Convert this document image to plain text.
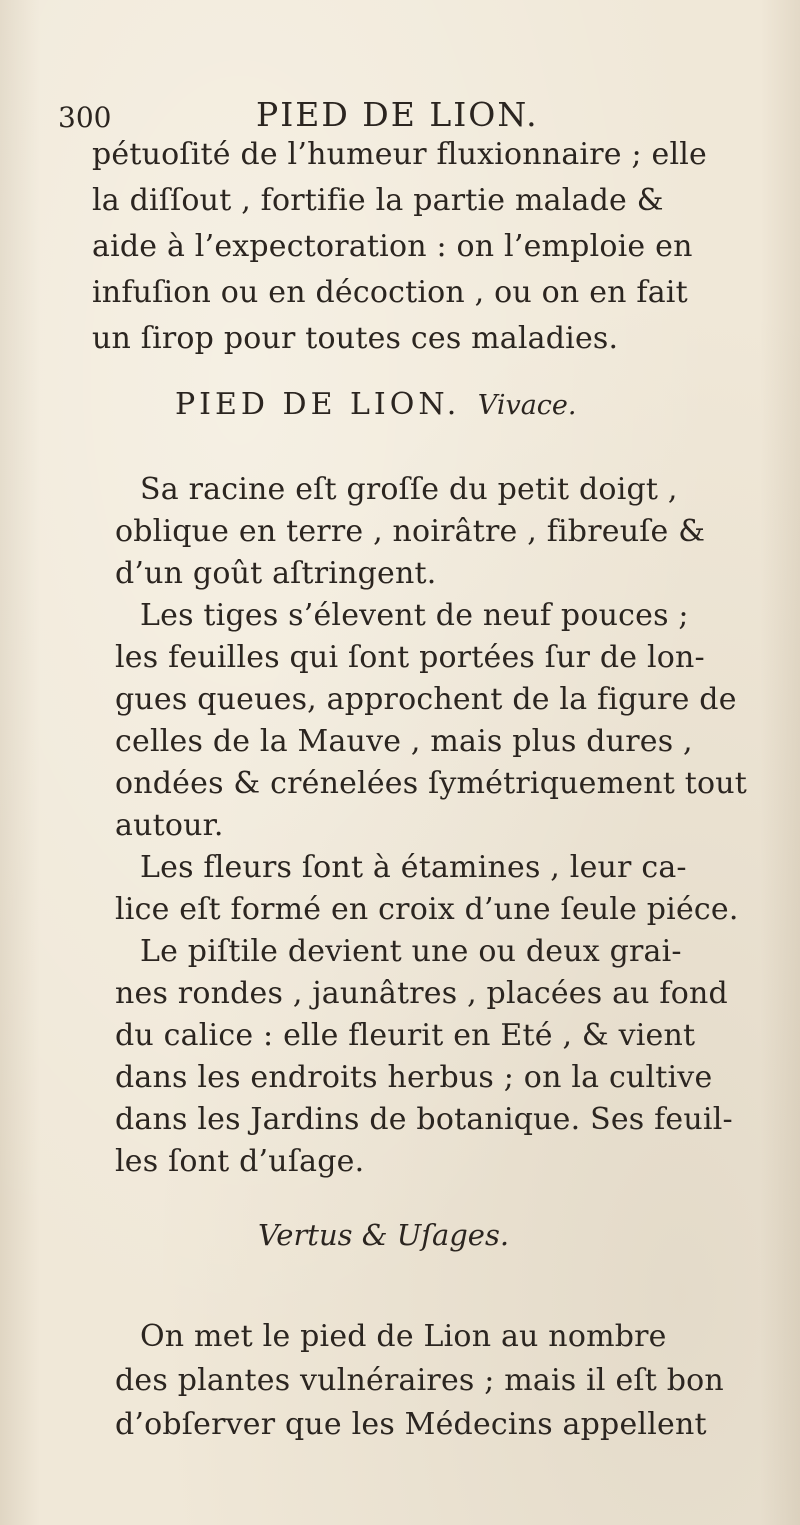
300	PIED DE LION.
pétuoſité de l’humeur fluxionnaire ; elle
la diſſout , fortifie la partie malade &
aide à l’expectoration : on l’emploie en
infuſion ou en décoction , ou on en fait
un ſirop pour toutes ces maladies.
PIED DE LION. Vivace.
Sa racine eſt groſſe du petit doigt ,
oblique en terre , noirâtre , fibreuſe &
d’un goût aſtringent.
Les tiges s’élevent de neuf pouces ;
les feuilles qui ſont portées ſur de lon-
gues queues, approchent de la figure de
celles de la Mauve , mais plus dures ,
ondées & crénelées ſymétriquement tout
autour.
Les fleurs ſont à étamines , leur ca-
lice eſt formé en croix d’une ſeule piéce.
Le piſtile devient une ou deux grai-
nes rondes , jaunâtres , placées au fond
du calice : elle fleurit en Eté , & vient
dans les endroits herbus ; on la cultive
dans les Jardins de botanique. Ses feuil-
les ſont d’uſage.
Vertus & Uſages.
On met le pied de Lion au nombre
des plantes vulnéraires ; mais il eſt bon
d’obſerver que les Médecins appellent
